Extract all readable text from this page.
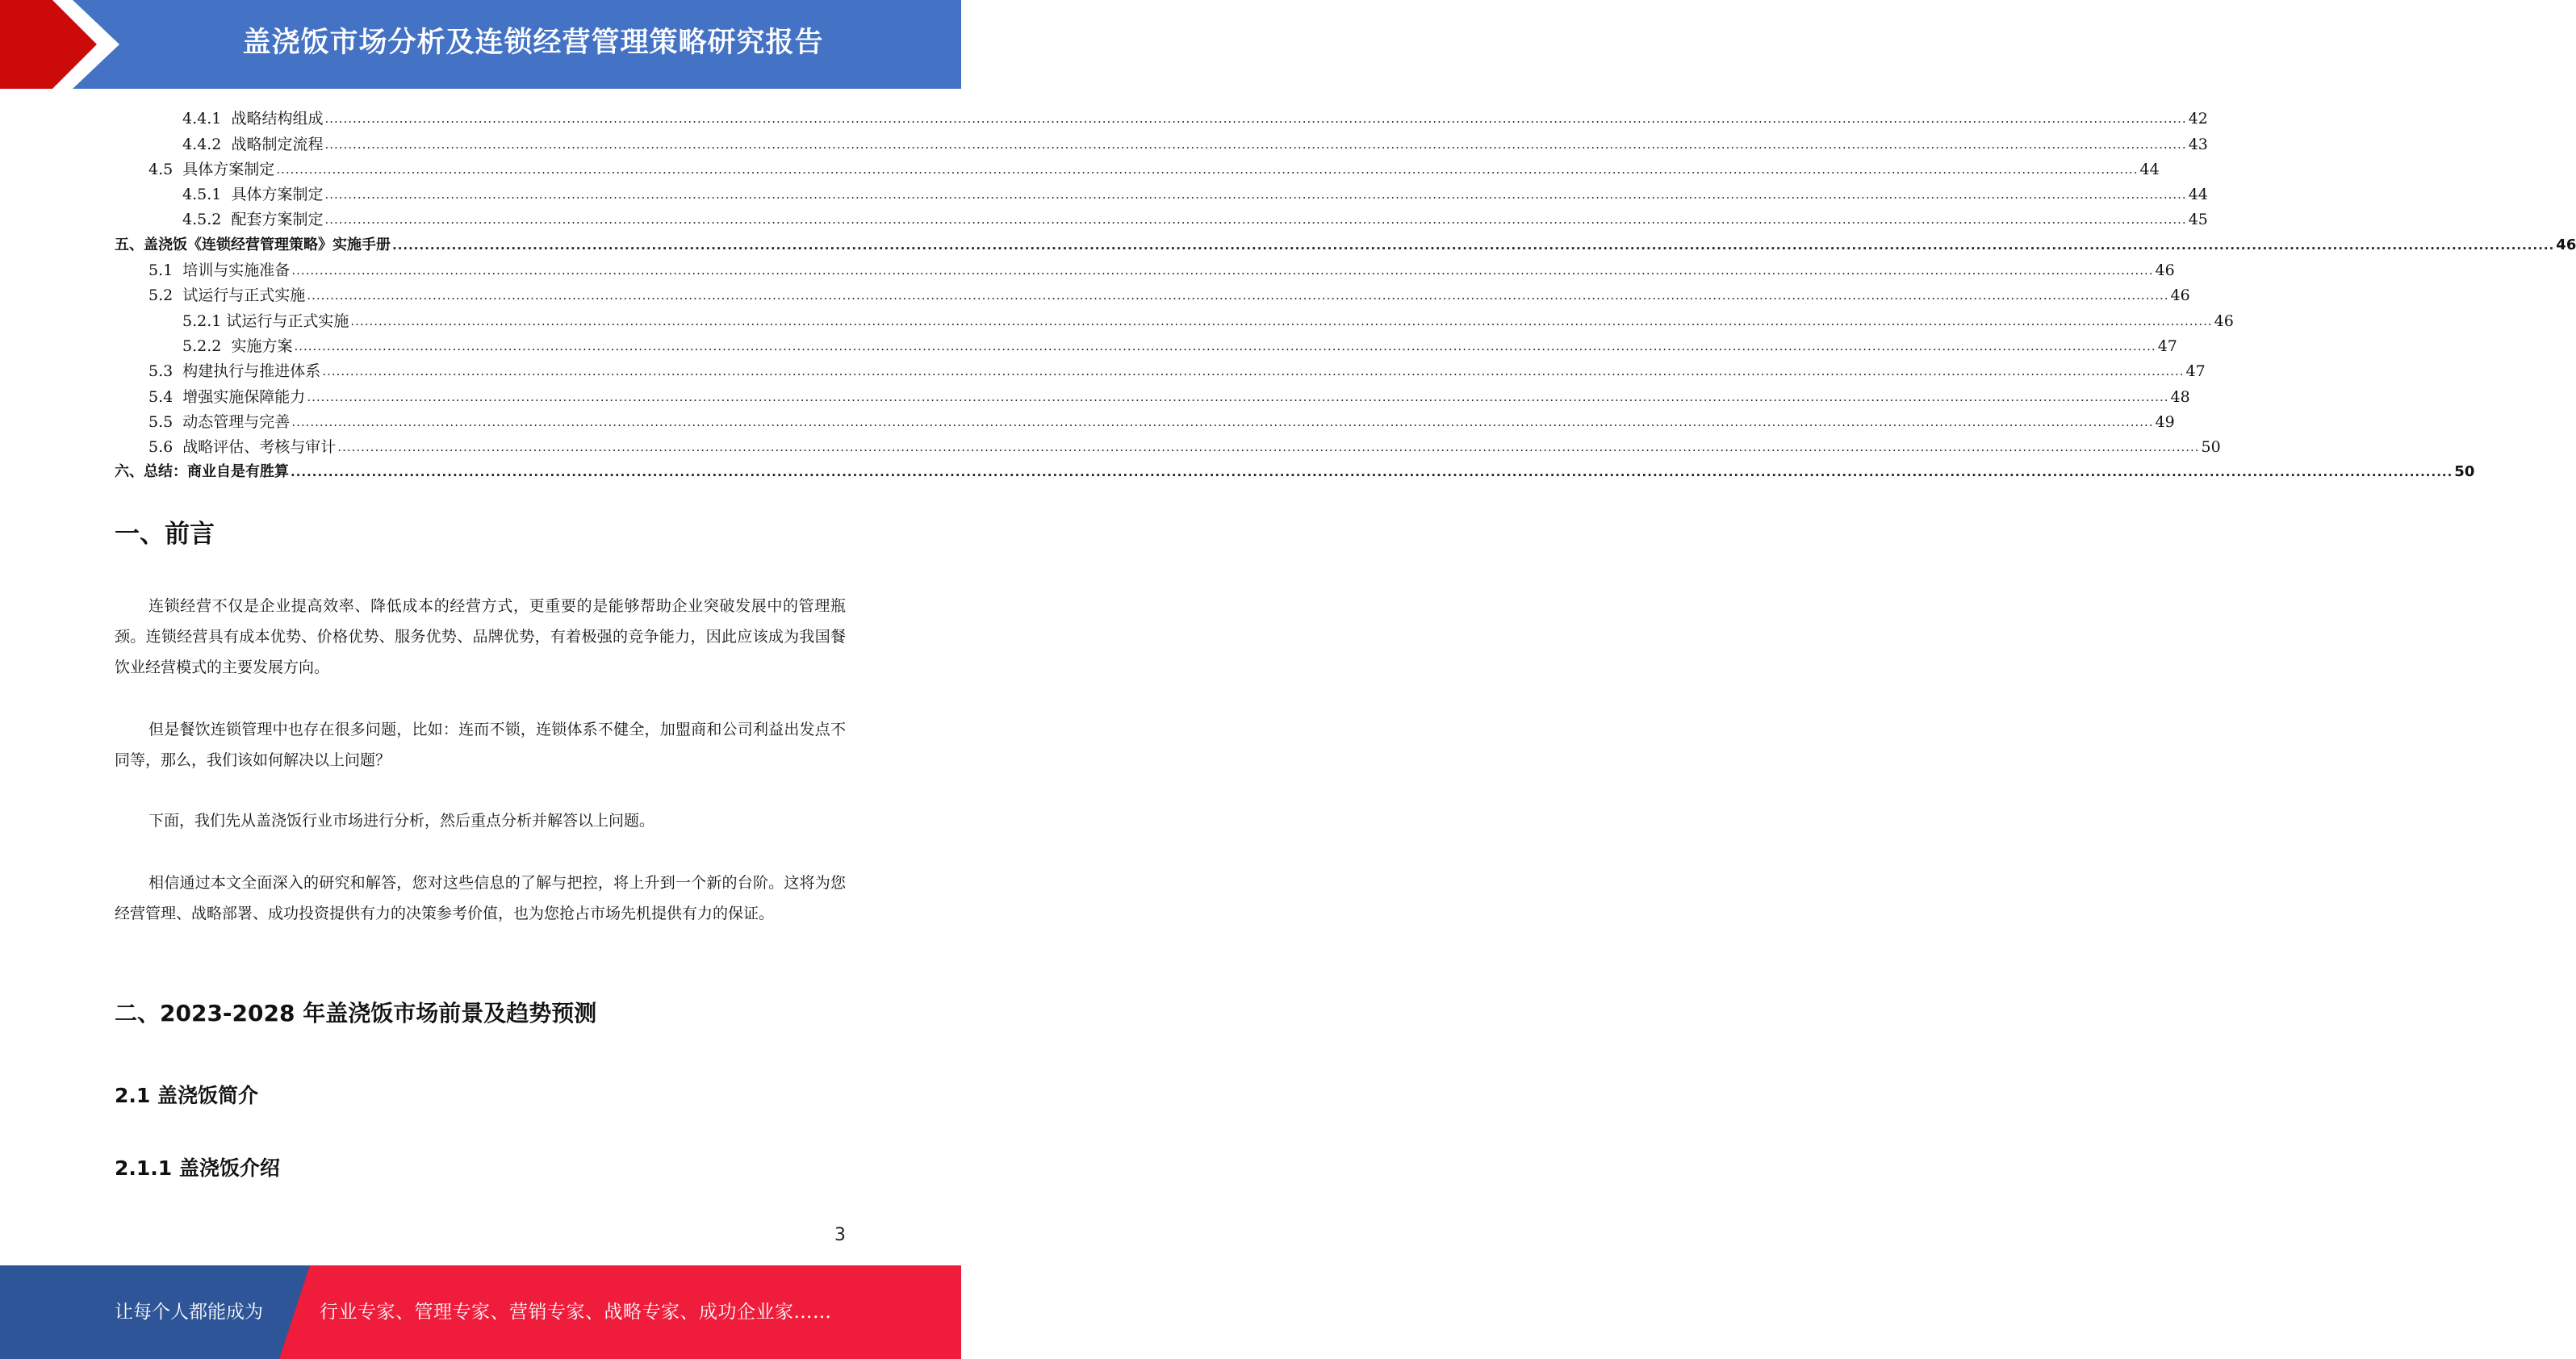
盖浇饭市场分析及连锁经营管理策略研究报告
4.4.1 战略结构组成 ................................................................................................................................................................................................................................................................................................................................................................................................................ 42
4.4.2 战略制定流程 ................................................................................................................................................................................................................................................................................................................................................................................................................ 43
4.5 具体方案制定 ................................................................................................................................................................................................................................................................................................................................................................................................................ 44
4.5.1 具体方案制定 ................................................................................................................................................................................................................................................................................................................................................................................................................ 44
4.5.2 配套方案制定 ................................................................................................................................................................................................................................................................................................................................................................................................................ 45
五、盖浇饭《连锁经营管理策略》实施手册 ................................................................................................................................................................................................................................................................................................................................................................................................................ 46
5.1 培训与实施准备 ................................................................................................................................................................................................................................................................................................................................................................................................................ 46
5.2 试运行与正式实施 ................................................................................................................................................................................................................................................................................................................................................................................................................ 46
5.2.1 试运行与正式实施 ................................................................................................................................................................................................................................................................................................................................................................................................................ 46
5.2.2 实施方案 ................................................................................................................................................................................................................................................................................................................................................................................................................ 47
5.3 构建执行与推进体系 ................................................................................................................................................................................................................................................................................................................................................................................................................ 47
5.4 增强实施保障能力 ................................................................................................................................................................................................................................................................................................................................................................................................................ 48
5.5 动态管理与完善 ................................................................................................................................................................................................................................................................................................................................................................................................................ 49
5.6 战略评估、考核与审计 ................................................................................................................................................................................................................................................................................................................................................................................................................ 50
六、总结：商业自是有胜算 ................................................................................................................................................................................................................................................................................................................................................................................................................ 50
一、前言

连锁经营不仅是企业提高效率、降低成本的经营方式，更重要的是能够帮助企业突破发展中的管理瓶颈。连锁经营具有成本优势、价格优势、服务优势、品牌优势，有着极强的竞争能力，因此应该成为我国餐饮业经营模式的主要发展方向。

但是餐饮连锁管理中也存在很多问题，比如：连而不锁，连锁体系不健全，加盟商和公司利益出发点不同等，那么，我们该如何解决以上问题？

下面，我们先从盖浇饭行业市场进行分析，然后重点分析并解答以上问题。

相信通过本文全面深入的研究和解答，您对这些信息的了解与把控，将上升到一个新的台阶。这将为您经营管理、战略部署、成功投资提供有力的决策参考价值，也为您抢占市场先机提供有力的保证。

二、2023-2028 年盖浇饭市场前景及趋势预测
2.1 盖浇饭简介
2.1.1 盖浇饭介绍
3
让每个人都能成为	行业专家、管理专家、营销专家、战略专家、成功企业家……
